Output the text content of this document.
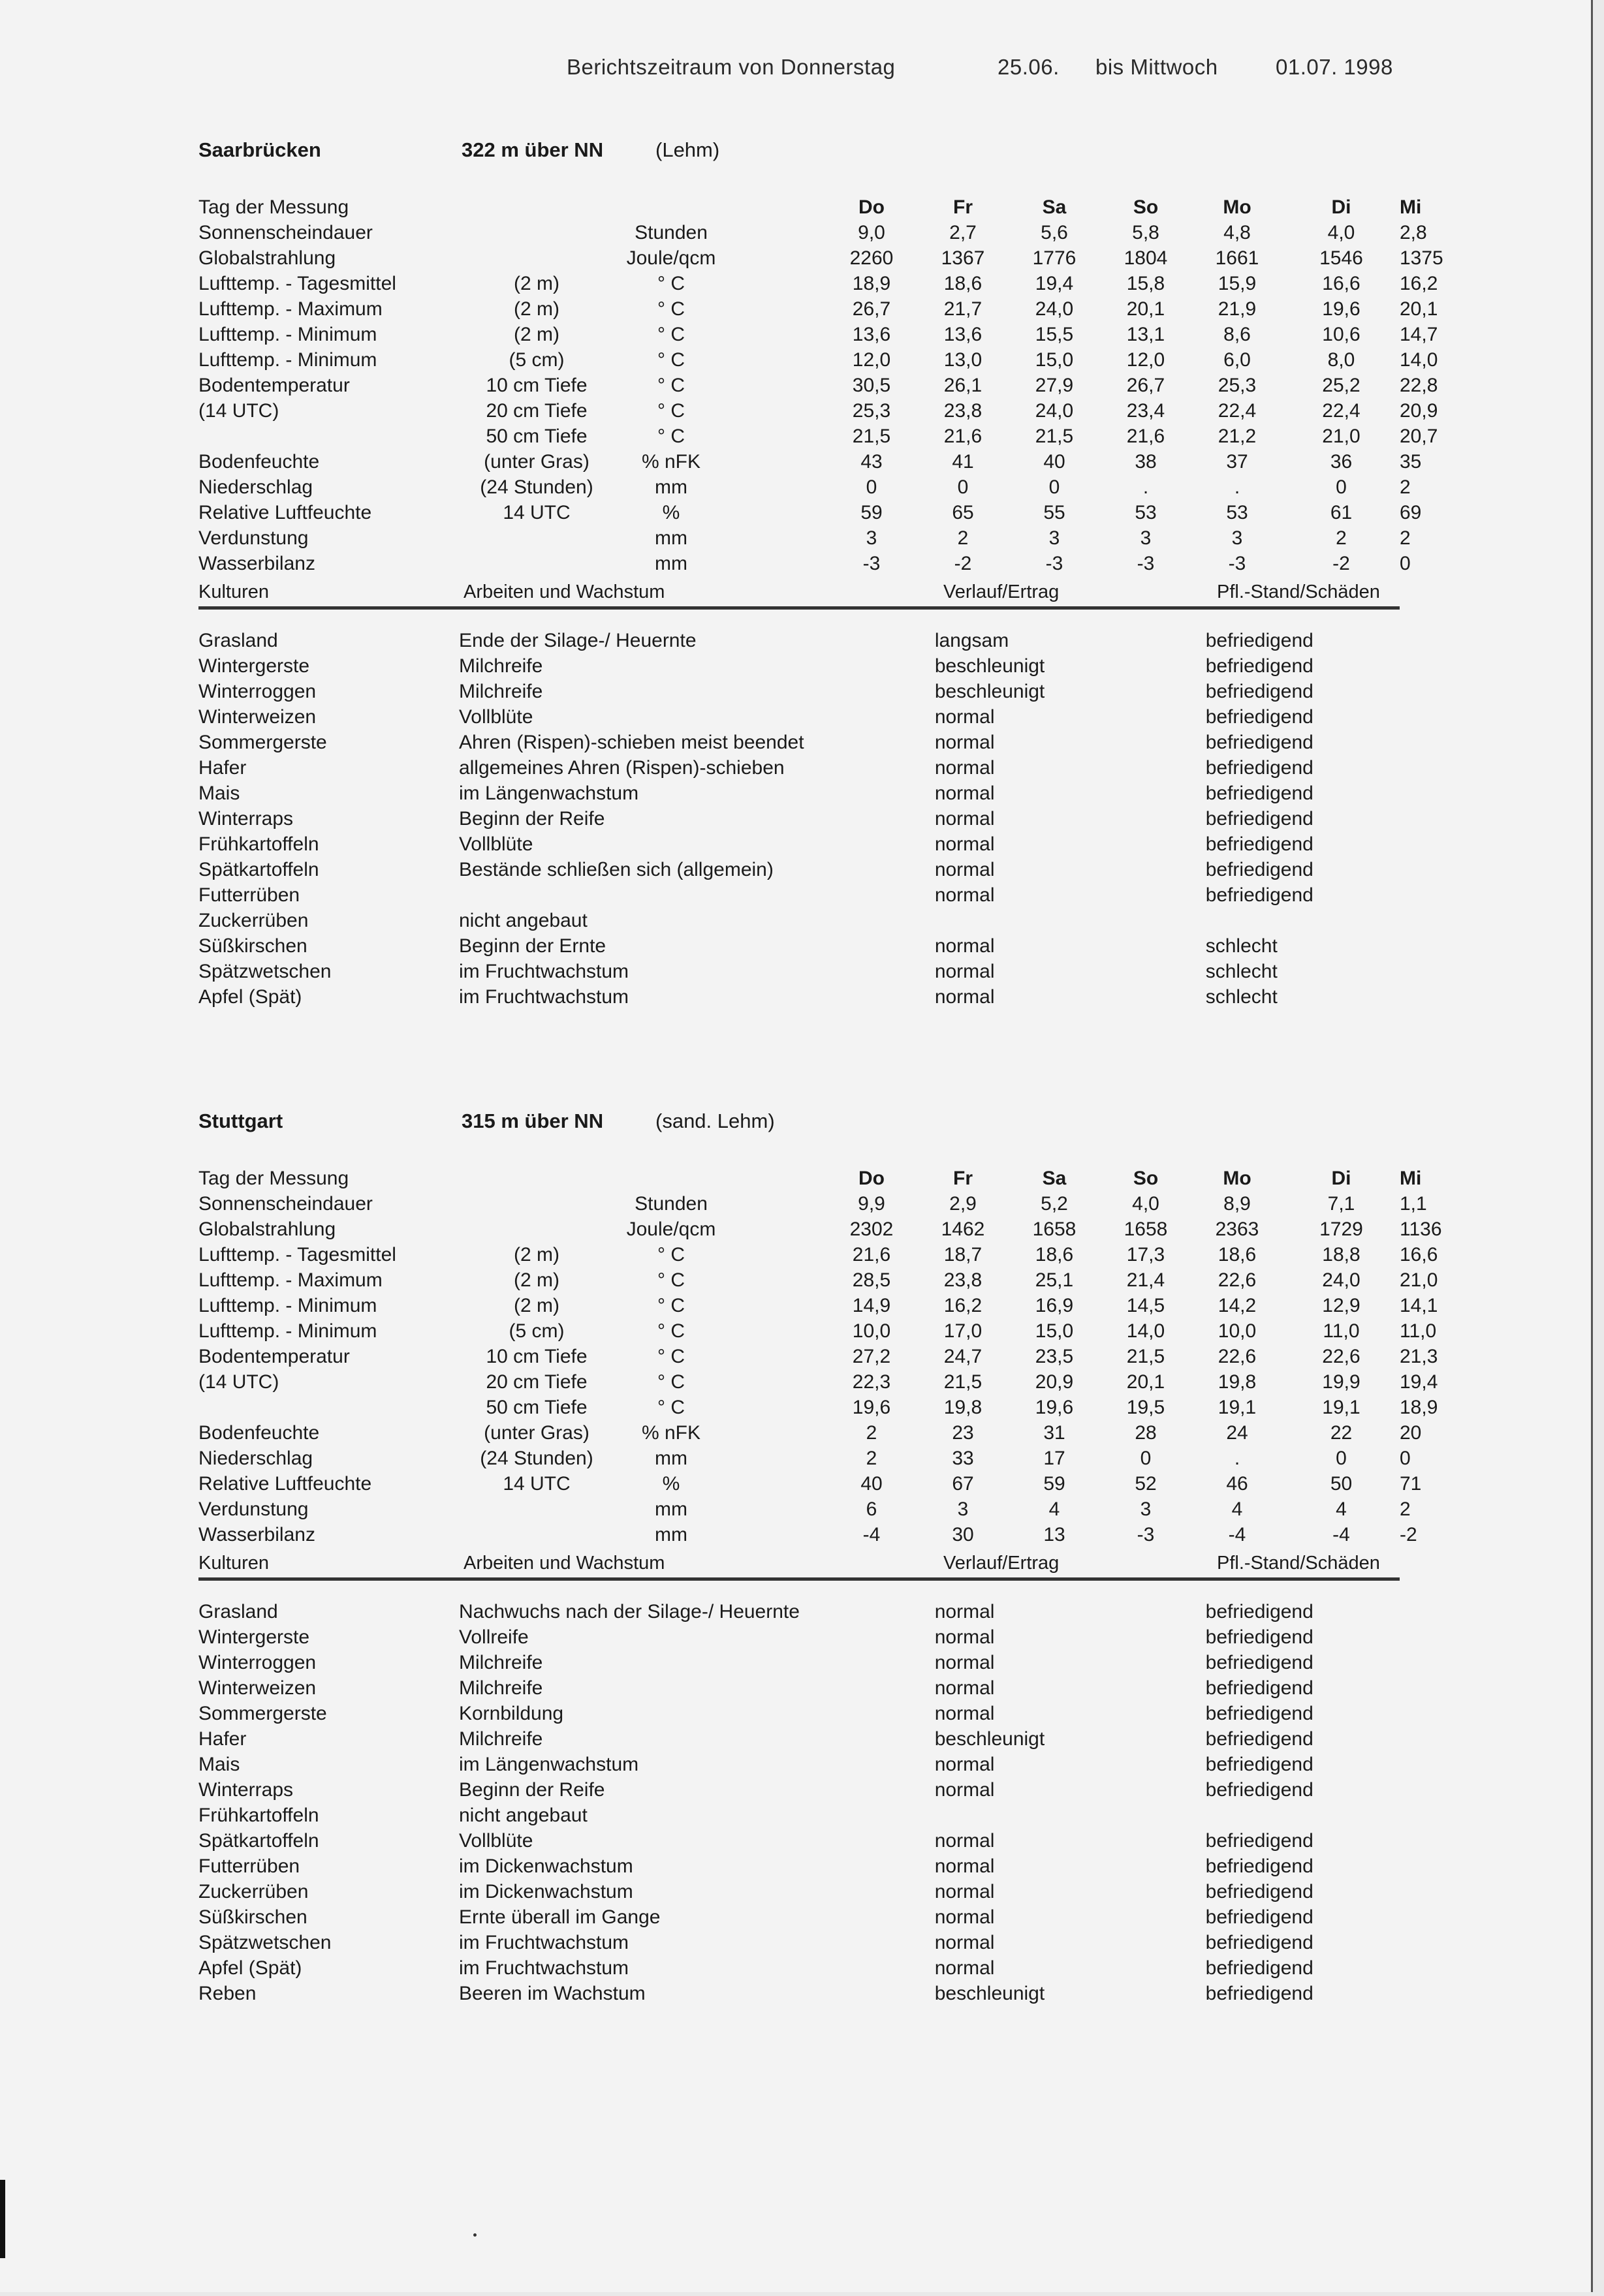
Berichtszeitraum von Donnerstag	25.06. bis Mittwoch	01.07. 1998
Saarbrücken	322 m über NN	(Lehm)
Tag der Messung				Do	Fr	Sa	So	Mo	Di	Mi
Sonnenscheindauer		Stunden		9,0	2,7	5,6	5,8	4,8	4,0	2,8
Globalstrahlung		Joule/qcm		2260	1367	1776	1804	1661	1546	1375
Lufttemp. - Tagesmittel	(2 m)	° C		18,9	18,6	19,4	15,8	15,9	16,6	16,2
Lufttemp. - Maximum	(2 m)	° C		26,7	21,7	24,0	20,1	21,9	19,6	20,1
Lufttemp. - Minimum	(2 m)	° C		13,6	13,6	15,5	13,1	8,6	10,6	14,7
Lufttemp. - Minimum	(5 cm)	° C		12,0	13,0	15,0	12,0	6,0	8,0	14,0
Bodentemperatur	10 cm Tiefe	° C		30,5	26,1	27,9	26,7	25,3	25,2	22,8
(14 UTC)	20 cm Tiefe	° C		25,3	23,8	24,0	23,4	22,4	22,4	20,9
	50 cm Tiefe	° C		21,5	21,6	21,5	21,6	21,2	21,0	20,7
Bodenfeuchte	(unter Gras)	% nFK		43	41	40	38	37	36	35
Niederschlag	(24 Stunden)	mm		0	0	0	.	.	0	2
Relative Luftfeuchte	14 UTC	%		59	65	55	53	53	61	69
Verdunstung		mm		3	2	3	3	3	2	2
Wasserbilanz		mm		-3	-2	-3	-3	-3	-2	0
Kulturen	Arbeiten und Wachstum	Verlauf/Ertrag	Pfl.-Stand/Schäden
Grasland	Ende der Silage-/ Heuernte	langsam	befriedigend
Wintergerste	Milchreife	beschleunigt	befriedigend
Winterroggen	Milchreife	beschleunigt	befriedigend
Winterweizen	Vollblüte	normal	befriedigend
Sommergerste	Ahren (Rispen)-schieben meist beendet	normal	befriedigend
Hafer	allgemeines Ahren (Rispen)-schieben	normal	befriedigend
Mais	im Längenwachstum	normal	befriedigend
Winterraps	Beginn der Reife	normal	befriedigend
Frühkartoffeln	Vollblüte	normal	befriedigend
Spätkartoffeln	Bestände schließen sich (allgemein)	normal	befriedigend
Futterrüben		normal	befriedigend
Zuckerrüben	nicht angebaut		
Süßkirschen	Beginn der Ernte	normal	schlecht
Spätzwetschen	im Fruchtwachstum	normal	schlecht
Apfel (Spät)	im Fruchtwachstum	normal	schlecht
Stuttgart	315 m über NN	(sand. Lehm)
Tag der Messung				Do	Fr	Sa	So	Mo	Di	Mi
Sonnenscheindauer		Stunden		9,9	2,9	5,2	4,0	8,9	7,1	1,1
Globalstrahlung		Joule/qcm		2302	1462	1658	1658	2363	1729	1136
Lufttemp. - Tagesmittel	(2 m)	° C		21,6	18,7	18,6	17,3	18,6	18,8	16,6
Lufttemp. - Maximum	(2 m)	° C		28,5	23,8	25,1	21,4	22,6	24,0	21,0
Lufttemp. - Minimum	(2 m)	° C		14,9	16,2	16,9	14,5	14,2	12,9	14,1
Lufttemp. - Minimum	(5 cm)	° C		10,0	17,0	15,0	14,0	10,0	11,0	11,0
Bodentemperatur	10 cm Tiefe	° C		27,2	24,7	23,5	21,5	22,6	22,6	21,3
(14 UTC)	20 cm Tiefe	° C		22,3	21,5	20,9	20,1	19,8	19,9	19,4
	50 cm Tiefe	° C		19,6	19,8	19,6	19,5	19,1	19,1	18,9
Bodenfeuchte	(unter Gras)	% nFK		2	23	31	28	24	22	20
Niederschlag	(24 Stunden)	mm		2	33	17	0	.	0	0
Relative Luftfeuchte	14 UTC	%		40	67	59	52	46	50	71
Verdunstung		mm		6	3	4	3	4	4	2
Wasserbilanz		mm		-4	30	13	-3	-4	-4	-2
Kulturen	Arbeiten und Wachstum	Verlauf/Ertrag	Pfl.-Stand/Schäden
Grasland	Nachwuchs nach der Silage-/ Heuernte	normal	befriedigend
Wintergerste	Vollreife	normal	befriedigend
Winterroggen	Milchreife	normal	befriedigend
Winterweizen	Milchreife	normal	befriedigend
Sommergerste	Kornbildung	normal	befriedigend
Hafer	Milchreife	beschleunigt	befriedigend
Mais	im Längenwachstum	normal	befriedigend
Winterraps	Beginn der Reife	normal	befriedigend
Frühkartoffeln	nicht angebaut		
Spätkartoffeln	Vollblüte	normal	befriedigend
Futterrüben	im Dickenwachstum	normal	befriedigend
Zuckerrüben	im Dickenwachstum	normal	befriedigend
Süßkirschen	Ernte überall im Gange	normal	befriedigend
Spätzwetschen	im Fruchtwachstum	normal	befriedigend
Apfel (Spät)	im Fruchtwachstum	normal	befriedigend
Reben	Beeren im Wachstum	beschleunigt	befriedigend
